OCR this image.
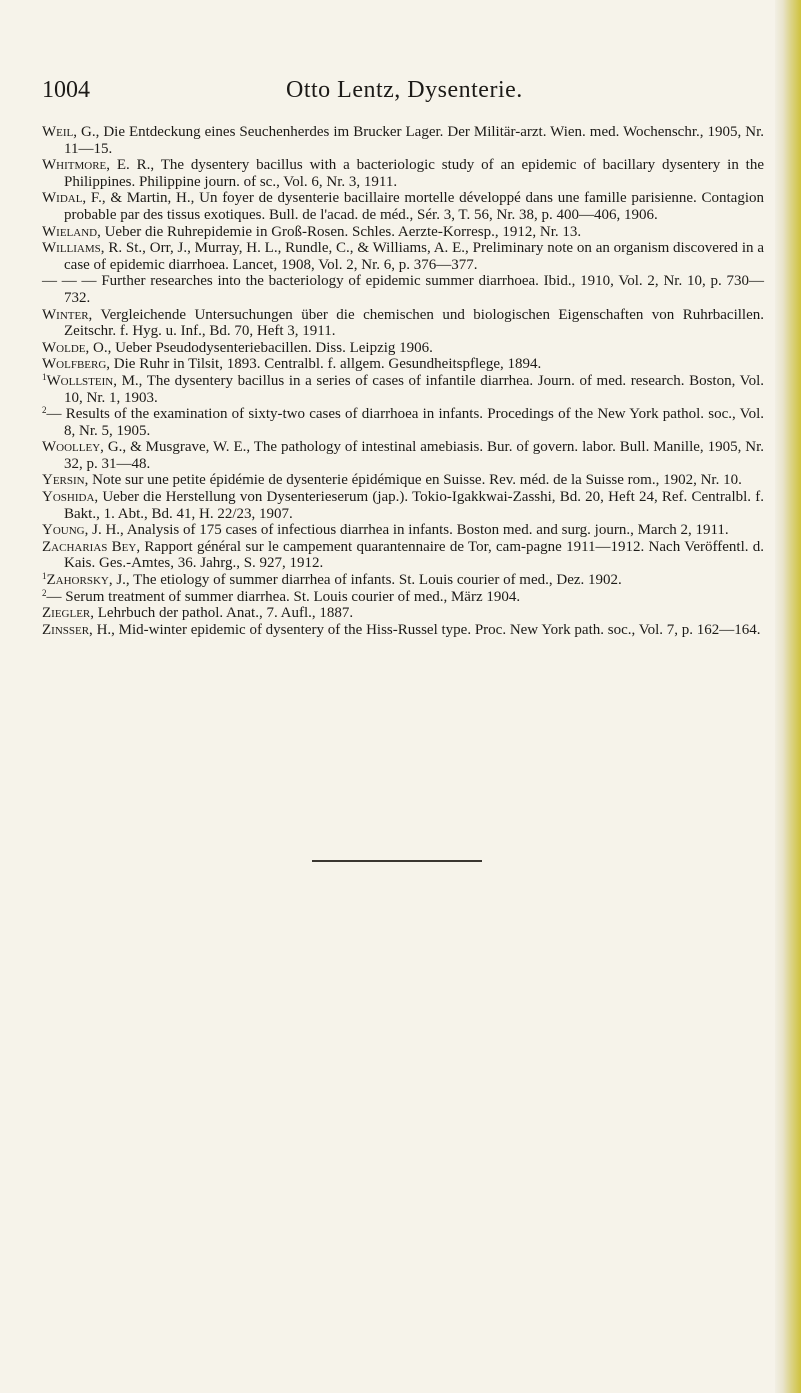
1004	Otto Lentz, Dysenterie.

Weil, G., Die Entdeckung eines Seuchenherdes im Brucker Lager. Der Militär-arzt. Wien. med. Wochenschr., 1905, Nr. 11—15.

Whitmore, E. R., The dysentery bacillus with a bacteriologic study of an epidemic of bacillary dysentery in the Philippines. Philippine journ. of sc., Vol. 6, Nr. 3, 1911.

Widal, F., & Martin, H., Un foyer de dysenterie bacillaire mortelle développé dans une famille parisienne. Contagion probable par des tissus exotiques. Bull. de l'acad. de méd., Sér. 3, T. 56, Nr. 38, p. 400—406, 1906.

Wieland, Ueber die Ruhrepidemie in Groß-Rosen. Schles. Aerzte-Korresp., 1912, Nr. 13.

Williams, R. St., Orr, J., Murray, H. L., Rundle, C., & Williams, A. E., Preliminary note on an organism discovered in a case of epidemic diarrhoea. Lancet, 1908, Vol. 2, Nr. 6, p. 376—377.

— — — Further researches into the bacteriology of epidemic summer diarrhoea. Ibid., 1910, Vol. 2, Nr. 10, p. 730—732.

Winter, Vergleichende Untersuchungen über die chemischen und biologischen Eigenschaften von Ruhrbacillen. Zeitschr. f. Hyg. u. Inf., Bd. 70, Heft 3, 1911.

Wolde, O., Ueber Pseudodysenteriebacillen. Diss. Leipzig 1906.

Wolfberg, Die Ruhr in Tilsit, 1893. Centralbl. f. allgem. Gesundheitspflege, 1894.

$^1$Wollstein, M., The dysentery bacillus in a series of cases of infantile diarrhea. Journ. of med. research. Boston, Vol. 10, Nr. 1, 1903.

$^2$— Results of the examination of sixty-two cases of diarrhoea in infants. Procedings of the New York pathol. soc., Vol. 8, Nr. 5, 1905.

Woolley, G., & Musgrave, W. E., The pathology of intestinal amebiasis. Bur. of govern. labor. Bull. Manille, 1905, Nr. 32, p. 31—48.

Yersin, Note sur une petite épidémie de dysenterie épidémique en Suisse. Rev. méd. de la Suisse rom., 1902, Nr. 10.

Yoshida, Ueber die Herstellung von Dysenterieserum (jap.). Tokio-Igakkwai-Zasshi, Bd. 20, Heft 24, Ref. Centralbl. f. Bakt., 1. Abt., Bd. 41, H. 22/23, 1907.

Young, J. H., Analysis of 175 cases of infectious diarrhea in infants. Boston med. and surg. journ., March 2, 1911.

Zacharias Bey, Rapport général sur le campement quarantennaire de Tor, cam-pagne 1911—1912. Nach Veröffentl. d. Kais. Ges.-Amtes, 36. Jahrg., S. 927, 1912.

$^1$Zahorsky, J., The etiology of summer diarrhea of infants. St. Louis courier of med., Dez. 1902.

$^2$— Serum treatment of summer diarrhea. St. Louis courier of med., März 1904.

Ziegler, Lehrbuch der pathol. Anat., 7. Aufl., 1887.

Zinsser, H., Mid-winter epidemic of dysentery of the Hiss-Russel type. Proc. New York path. soc., Vol. 7, p. 162—164.
